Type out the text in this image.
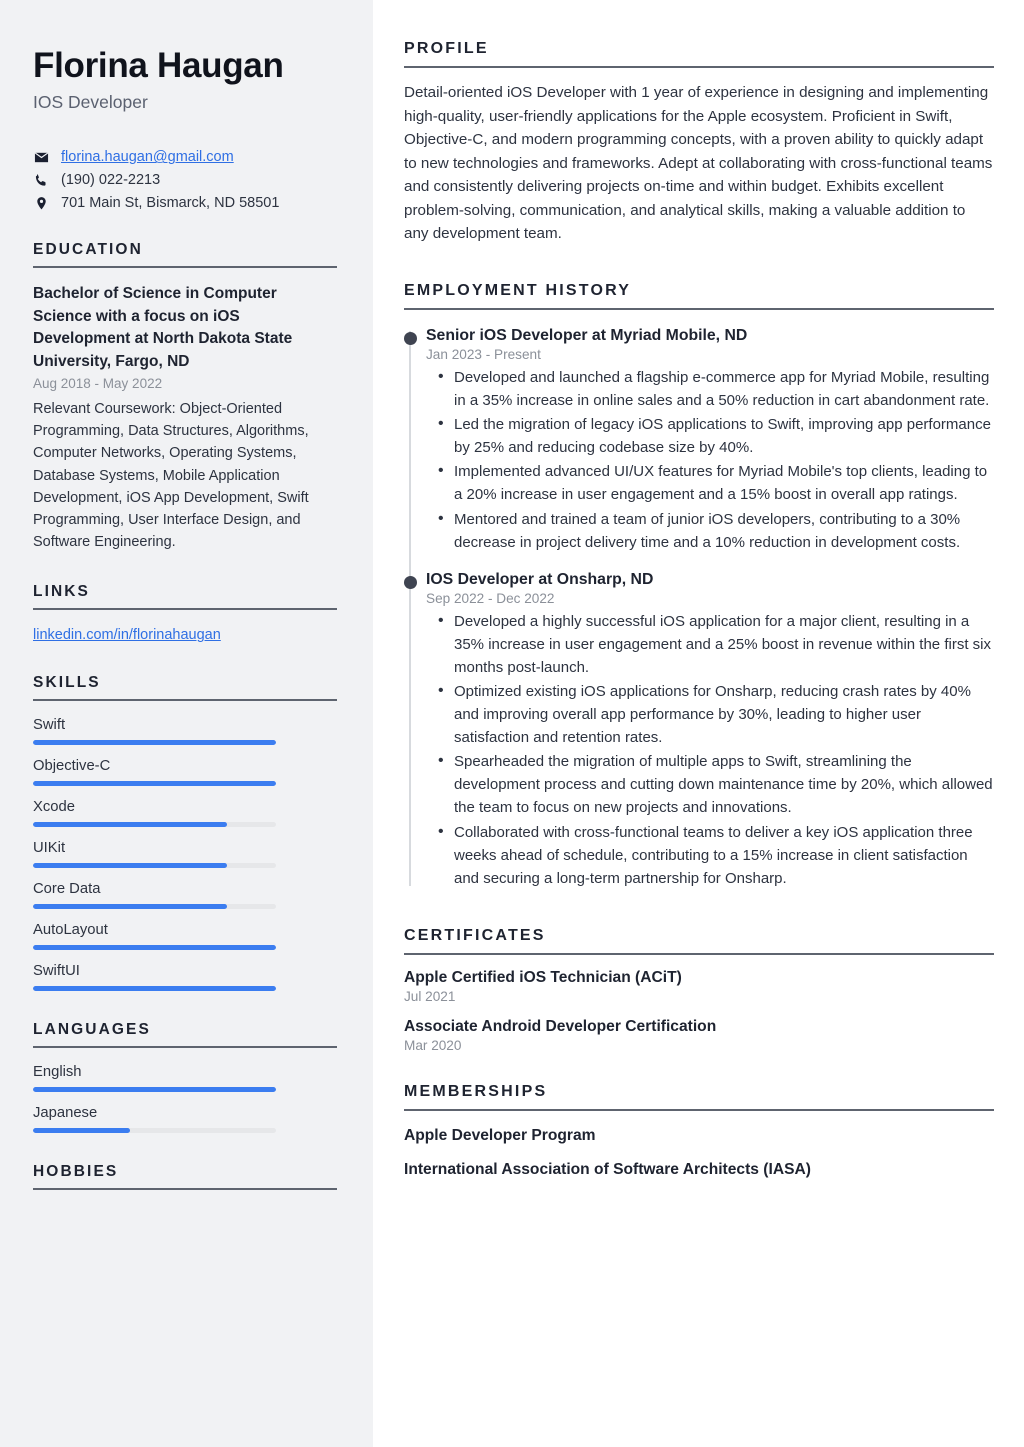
Florina Haugan
IOS Developer
florina.haugan@gmail.com
(190) 022-2213
701 Main St, Bismarck, ND 58501
EDUCATION
Bachelor of Science in Computer Science with a focus on iOS Development at North Dakota State University, Fargo, ND
Aug 2018 - May 2022
Relevant Coursework: Object-Oriented Programming, Data Structures, Algorithms, Computer Networks, Operating Systems, Database Systems, Mobile Application Development, iOS App Development, Swift Programming, User Interface Design, and Software Engineering.
LINKS
linkedin.com/in/florinahaugan
SKILLS
Swift
Objective-C
Xcode
UIKit
Core Data
AutoLayout
SwiftUI
LANGUAGES
English
Japanese
HOBBIES
PROFILE

Detail-oriented iOS Developer with 1 year of experience in designing and implementing high-quality, user-friendly applications for the Apple ecosystem. Proficient in Swift, Objective-C, and modern programming concepts, with a proven ability to quickly adapt to new technologies and frameworks. Adept at collaborating with cross-functional teams and consistently delivering projects on-time and within budget. Exhibits excellent problem-solving, communication, and analytical skills, making a valuable addition to any development team.

EMPLOYMENT HISTORY
Senior iOS Developer at Myriad Mobile, ND
Jan 2023 - Present
• Developed and launched a flagship e-commerce app for Myriad Mobile, resulting in a 35% increase in online sales and a 50% reduction in cart abandonment rate.
• Led the migration of legacy iOS applications to Swift, improving app performance by 25% and reducing codebase size by 40%.
• Implemented advanced UI/UX features for Myriad Mobile's top clients, leading to a 20% increase in user engagement and a 15% boost in overall app ratings.
• Mentored and trained a team of junior iOS developers, contributing to a 30% decrease in project delivery time and a 10% reduction in development costs.
IOS Developer at Onsharp, ND
Sep 2022 - Dec 2022
• Developed a highly successful iOS application for a major client, resulting in a 35% increase in user engagement and a 25% boost in revenue within the first six months post-launch.
• Optimized existing iOS applications for Onsharp, reducing crash rates by 40% and improving overall app performance by 30%, leading to higher user satisfaction and retention rates.
• Spearheaded the migration of multiple apps to Swift, streamlining the development process and cutting down maintenance time by 20%, which allowed the team to focus on new projects and innovations.
• Collaborated with cross-functional teams to deliver a key iOS application three weeks ahead of schedule, contributing to a 15% increase in client satisfaction and securing a long-term partnership for Onsharp.
CERTIFICATES
Apple Certified iOS Technician (ACiT)
Jul 2021
Associate Android Developer Certification
Mar 2020
MEMBERSHIPS
Apple Developer Program
International Association of Software Architects (IASA)
